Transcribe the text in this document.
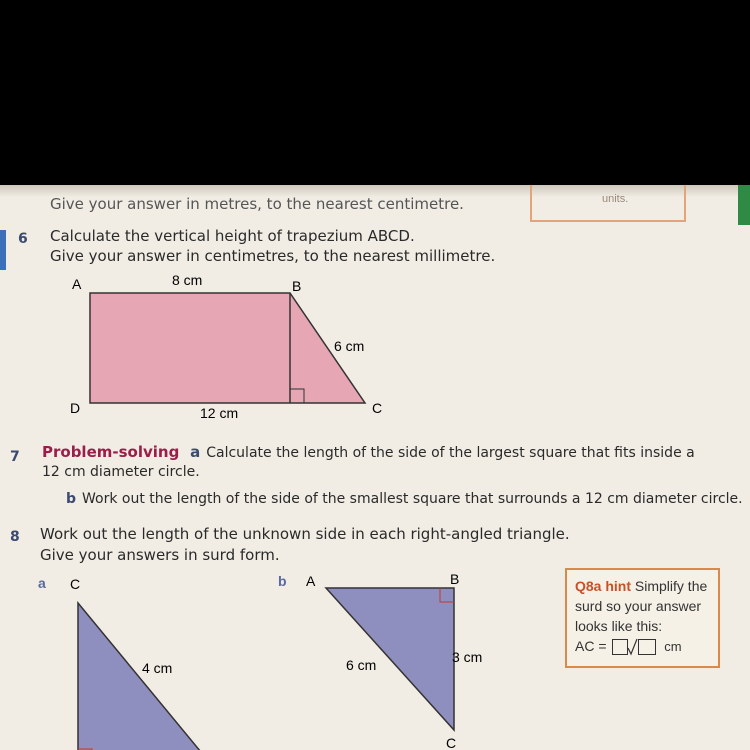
units.
Give your answer in metres, to the nearest centimetre.
6 Calculate the vertical height of trapezium ABCD.
Give your answer in centimetres, to the nearest millimetre.
A	B
C
D
8 cm
6 cm
12 cm
7 Problem-solving a Calculate the length of the side of the largest square that fits inside a
12 cm diameter circle.
b Work out the length of the side of the smallest square that surrounds a 12 cm diameter circle.
8 Work out the length of the unknown side in each right-angled triangle.
Give your answers in surd form.
a C
4 cm
b A	B
C
6 cm	3 cm
Q8a hint Simplify the
surd so your answer
looks like this:
AC =	cm
